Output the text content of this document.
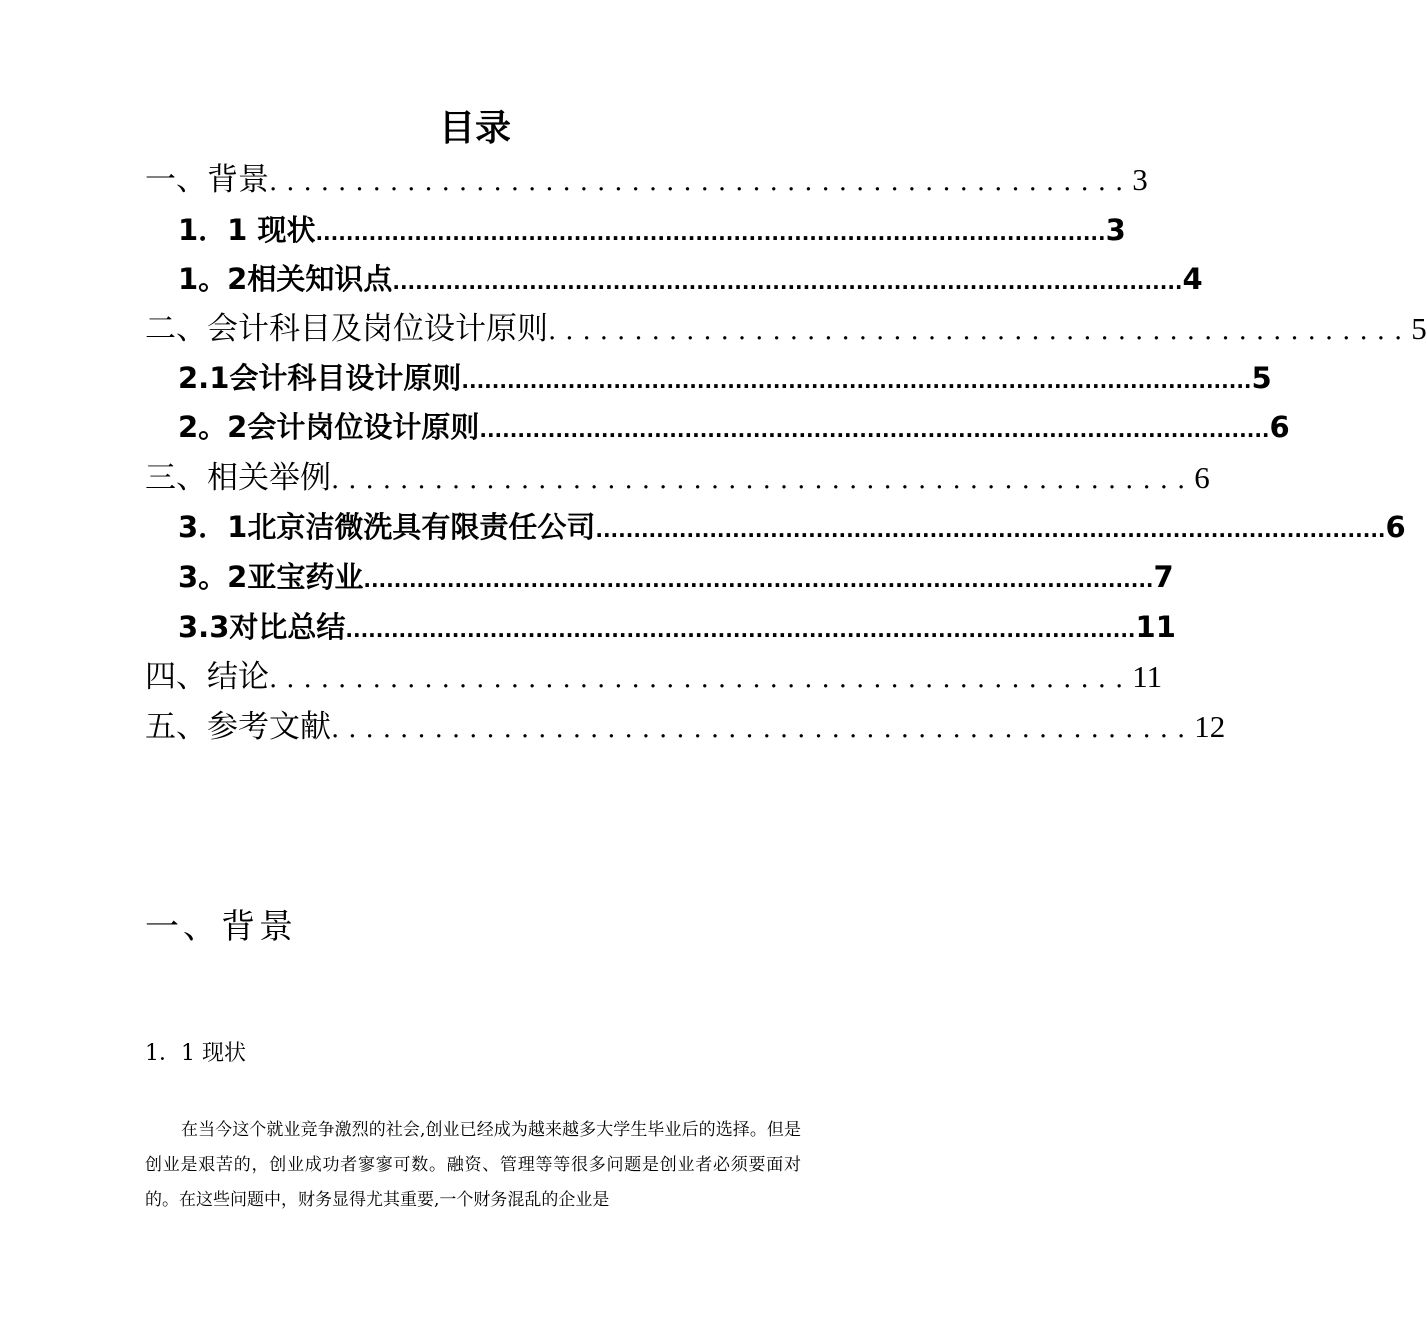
目录
一、背景 .................................................. 3
1．1 现状 ........................................................................................................ 3
1。2相关知识点 ........................................................................................................ 4
二、会计科目及岗位设计原则 .................................................. 5
2.1会计科目设计原则 ........................................................................................................ 5
2。2会计岗位设计原则 ........................................................................................................ 6
三、相关举例 .................................................. 6
3．1北京洁微洗具有限责任公司 ........................................................................................................ 6
3。2亚宝药业 ........................................................................................................ 7
3.3对比总结 ........................................................................................................ 11
四、结论 .................................................. 11
五、参考文献 .................................................. 12
一、背景
1．1 现状

在当今这个就业竞争激烈的社会,创业已经成为越来越多大学生毕业后的选择。但是创业是艰苦的，创业成功者寥寥可数。融资、管理等等很多问题是创业者必须要面对的。在这些问题中，财务显得尤其重要,一个财务混乱的企业是
